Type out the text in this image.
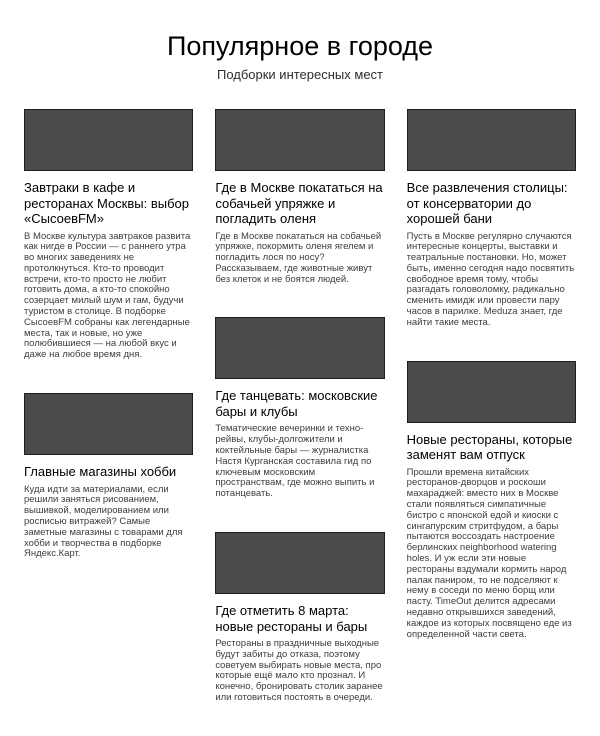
Популярное в городе
Подборки интересных мест
Завтраки в кафе и ресторанах Москвы: выбор «СысоевFM»
В Москве культура завтраков развита как нигде в России — с раннего утра во многих заведениях не протолкнуться. Кто-то проводит встречи, кто-то просто не любит готовить дома, а кто-то спокойно созерцает милый шум и гам, будучи туристом в столице. В подборке СысоевFM собраны как легендарные места, так и новые, но уже полюбившиеся — на любой вкус и даже на любое время дня.
Главные магазины хобби
Куда идти за материалами, если решили заняться рисованием, вышивкой, моделированием или росписью витражей? Самые заметные магазины с товарами для хобби и творчества в подборке Яндекс.Карт.
Где в Москве покататься на собачьей упряжке и погладить оленя
Где в Москве покататься на собачьей упряжке, покормить оленя ягелем и погладить лося по носу? Рассказываем, где животные живут без клеток и не боятся людей.
Где танцевать: московские бары и клубы
Тематические вечеринки и техно-рейвы, клубы-долгожители и коктейльные бары — журналистка Настя Курганская составила гид по ключевым московским пространствам, где можно выпить и потанцевать.
Где отметить 8 марта: новые рестораны и бары
Рестораны в праздничные выходные будут забиты до отказа, поэтому советуем выбирать новые места, про которые ещё мало кто прознал. И конечно, бронировать столик заранее или готовиться постоять в очереди.
Все развлечения столицы: от консерватории до хорошей бани
Пусть в Москве регулярно случаются интересные концерты, выставки и театральные постановки. Но, может быть, именно сегодня надо посвятить свободное время тому, чтобы разгадать головоломку, радикально сменить имидж или провести пару часов в парилке. Meduza знает, где найти такие места.
Новые рестораны, которые заменят вам отпуск
Прошли времена китайских ресторанов-дворцов и роскоши махараджей: вместо них в Москве стали появляться симпатичные бистро с японской едой и киоски с сингапурским стритфудом, а бары пытаются воссоздать настроение берлинских neighborhood watering holes. И уж если эти новые рестораны вздумали кормить народ палак паниром, то не подселяют к нему в соседи по меню борщ или пасту. TimeOut делится адресами недавно открывшихся заведений, каждое из которых посвящено еде из определенной части света.
